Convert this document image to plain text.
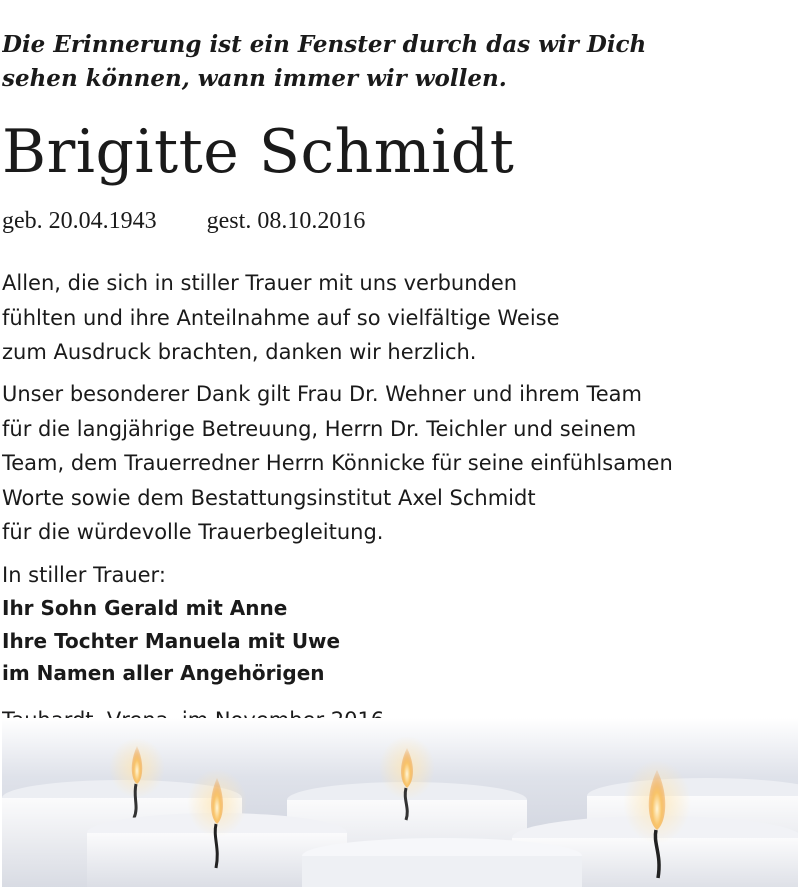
Die Erinnerung ist ein Fenster durch das wir Dich
sehen können, wann immer wir wollen.
Brigitte Schmidt
geb. 20.04.1943 gest. 08.10.2016
Allen, die sich in stiller Trauer mit uns verbunden
fühlten und ihre Anteilnahme auf so vielfältige Weise
zum Ausdruck brachten, danken wir herzlich.
Unser besonderer Dank gilt Frau Dr. Wehner und ihrem Team
für die langjährige Betreuung, Herrn Dr. Teichler und seinem
Team, dem Trauerredner Herrn Könnicke für seine einfühlsamen
Worte sowie dem Bestattungsinstitut Axel Schmidt
für die würdevolle Trauerbegleitung.
In stiller Trauer:
Ihr Sohn Gerald mit Anne
Ihre Tochter Manuela mit Uwe
im Namen aller Angehörigen
